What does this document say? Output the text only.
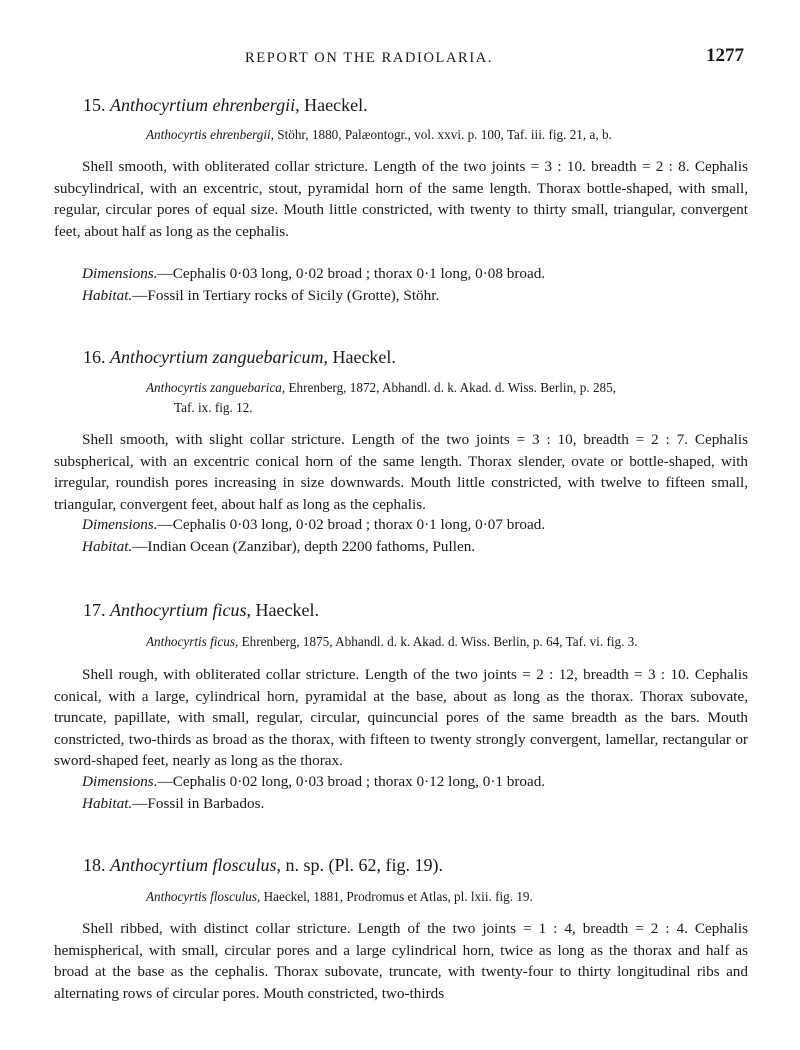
REPORT ON THE RADIOLARIA.	1277
15. Anthocyrtium ehrenbergii, Haeckel.
Anthocyrtis ehrenbergii, Stöhr, 1880, Palæontogr., vol. xxvi. p. 100, Taf. iii. fig. 21, a, b.
Shell smooth, with obliterated collar stricture. Length of the two joints = 3 : 10. breadth = 2 : 8. Cephalis subcylindrical, with an excentric, stout, pyramidal horn of the same length. Thorax bottle-shaped, with small, regular, circular pores of equal size. Mouth little constricted, with twenty to thirty small, triangular, convergent feet, about half as long as the cephalis.
Dimensions.—Cephalis 0·03 long, 0·02 broad ; thorax 0·1 long, 0·08 broad.
Habitat.—Fossil in Tertiary rocks of Sicily (Grotte), Stöhr.
16. Anthocyrtium zanguebaricum, Haeckel.
Anthocyrtis zanguebarica, Ehrenberg, 1872, Abhandl. d. k. Akad. d. Wiss. Berlin, p. 285,
Taf. ix. fig. 12.
Shell smooth, with slight collar stricture. Length of the two joints = 3 : 10, breadth = 2 : 7. Cephalis subspherical, with an excentric conical horn of the same length. Thorax slender, ovate or bottle-shaped, with irregular, roundish pores increasing in size downwards. Mouth little constricted, with twelve to fifteen small, triangular, convergent feet, about half as long as the cephalis.
Dimensions.—Cephalis 0·03 long, 0·02 broad ; thorax 0·1 long, 0·07 broad.
Habitat.—Indian Ocean (Zanzibar), depth 2200 fathoms, Pullen.
17. Anthocyrtium ficus, Haeckel.
Anthocyrtis ficus, Ehrenberg, 1875, Abhandl. d. k. Akad. d. Wiss. Berlin, p. 64, Taf. vi. fig. 3.
Shell rough, with obliterated collar stricture. Length of the two joints = 2 : 12, breadth = 3 : 10. Cephalis conical, with a large, cylindrical horn, pyramidal at the base, about as long as the thorax. Thorax subovate, truncate, papillate, with small, regular, circular, quincuncial pores of the same breadth as the bars. Mouth constricted, two-thirds as broad as the thorax, with fifteen to twenty strongly convergent, lamellar, rectangular or sword-shaped feet, nearly as long as the thorax.
Dimensions.—Cephalis 0·02 long, 0·03 broad ; thorax 0·12 long, 0·1 broad.
Habitat.—Fossil in Barbados.
18. Anthocyrtium flosculus, n. sp. (Pl. 62, fig. 19).
Anthocyrtis flosculus, Haeckel, 1881, Prodromus et Atlas, pl. lxii. fig. 19.
Shell ribbed, with distinct collar stricture. Length of the two joints = 1 : 4, breadth = 2 : 4. Cephalis hemispherical, with small, circular pores and a large cylindrical horn, twice as long as the thorax and half as broad at the base as the cephalis. Thorax subovate, truncate, with twenty-four to thirty longitudinal ribs and alternating rows of circular pores. Mouth constricted, two-thirds
